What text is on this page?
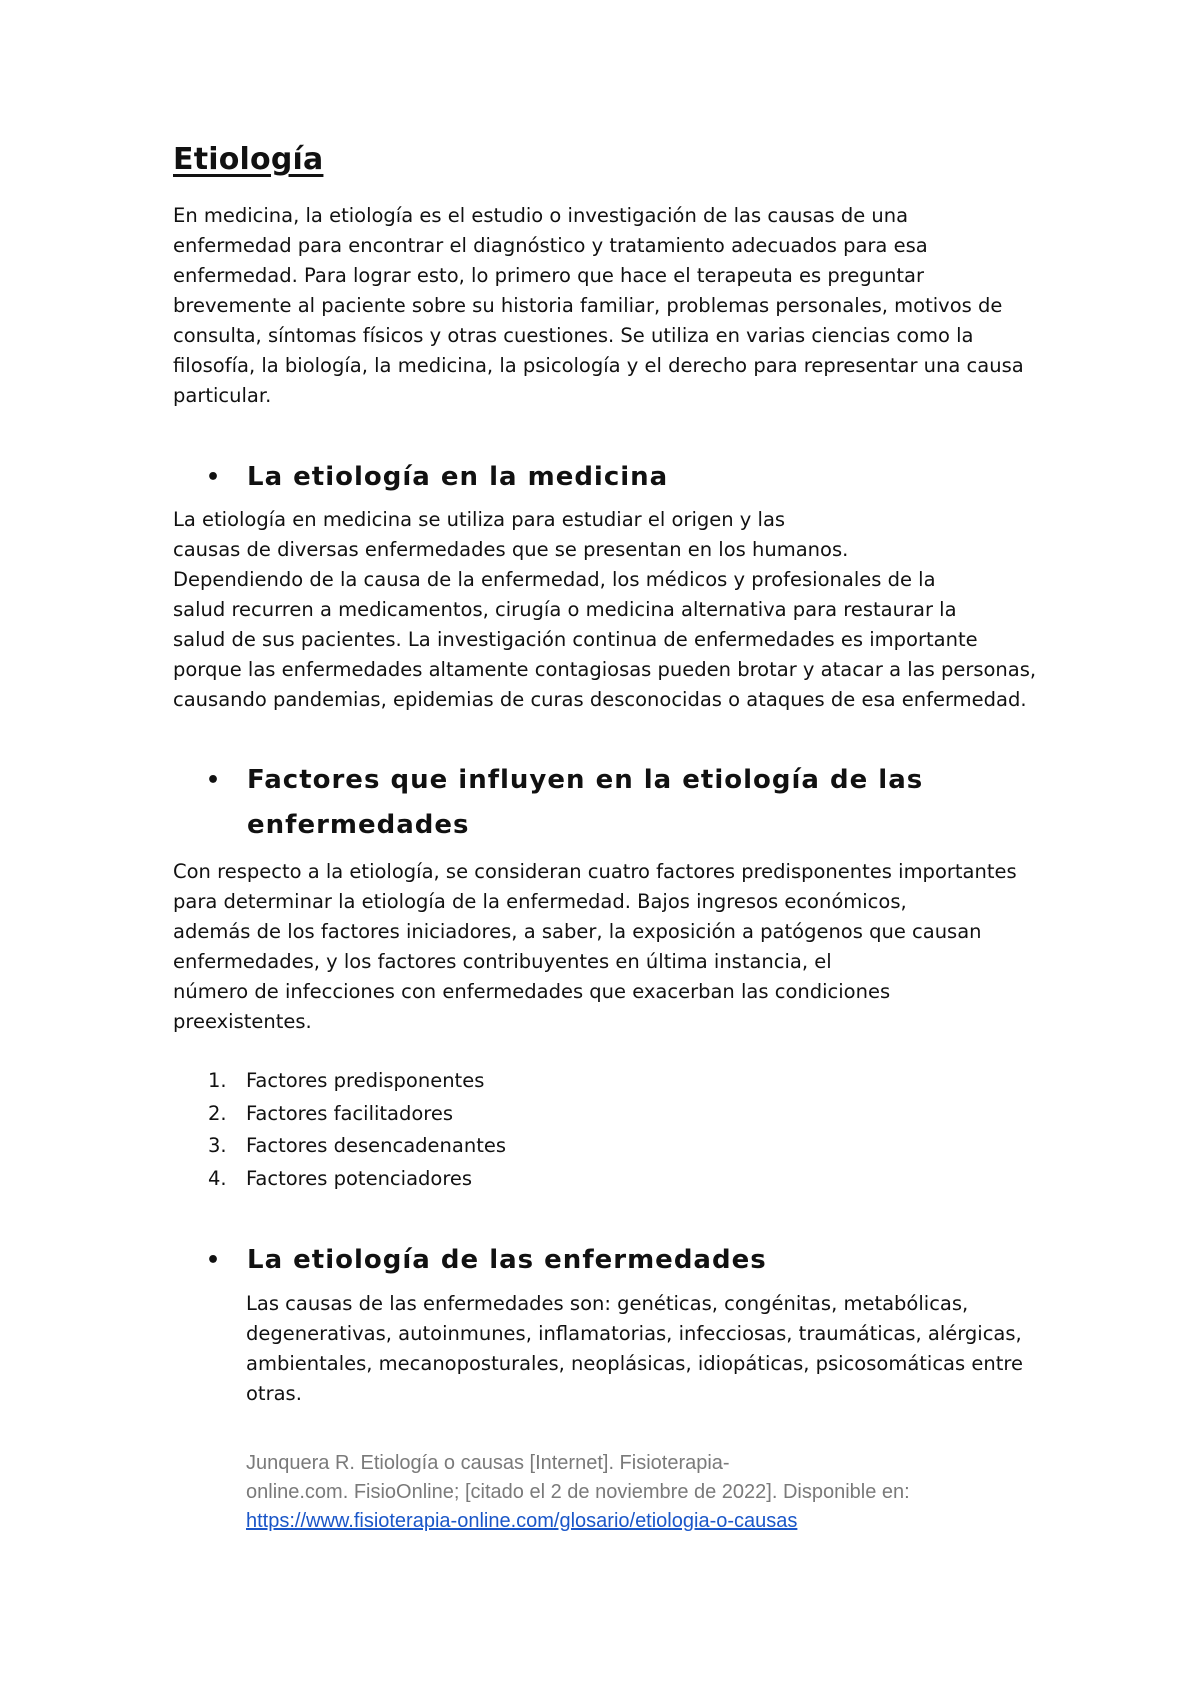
Etiología

En medicina, la etiología es el estudio o investigación de las causas de una
enfermedad para encontrar el diagnóstico y tratamiento adecuados para esa
enfermedad. Para lograr esto, lo primero que hace el terapeuta es preguntar
brevemente al paciente sobre su historia familiar, problemas personales, motivos de
consulta, síntomas físicos y otras cuestiones. Se utiliza en varias ciencias como la
filosofía, la biología, la medicina, la psicología y el derecho para representar una causa
particular.

• La etiología en la medicina

La etiología en medicina se utiliza para estudiar el origen y las
causas de diversas enfermedades que se presentan en los humanos.
Dependiendo de la causa de la enfermedad, los médicos y profesionales de la
salud recurren a medicamentos, cirugía o medicina alternativa para restaurar la
salud de sus pacientes. La investigación continua de enfermedades es importante
porque las enfermedades altamente contagiosas pueden brotar y atacar a las personas,
causando pandemias, epidemias de curas desconocidas o ataques de esa enfermedad.

• Factores que influyen en la etiología de las
enfermedades

Con respecto a la etiología, se consideran cuatro factores predisponentes importantes
para determinar la etiología de la enfermedad. Bajos ingresos económicos,
además de los factores iniciadores, a saber, la exposición a patógenos que causan
enfermedades, y los factores contribuyentes en última instancia, el
número de infecciones con enfermedades que exacerban las condiciones
preexistentes.

1. Factores predisponentes
2. Factores facilitadores
3. Factores desencadenantes
4. Factores potenciadores
• La etiología de las enfermedades

Las causas de las enfermedades son: genéticas, congénitas, metabólicas,
degenerativas, autoinmunes, inflamatorias, infecciosas, traumáticas, alérgicas,
ambientales, mecanoposturales, neoplásicas, idiopáticas, psicosomáticas entre
otras.

Junquera R. Etiología o causas [Internet]. Fisioterapia-
online.com. FisioOnline; [citado el 2 de noviembre de 2022]. Disponible en:
https://www.fisioterapia-online.com/glosario/etiologia-o-causas
